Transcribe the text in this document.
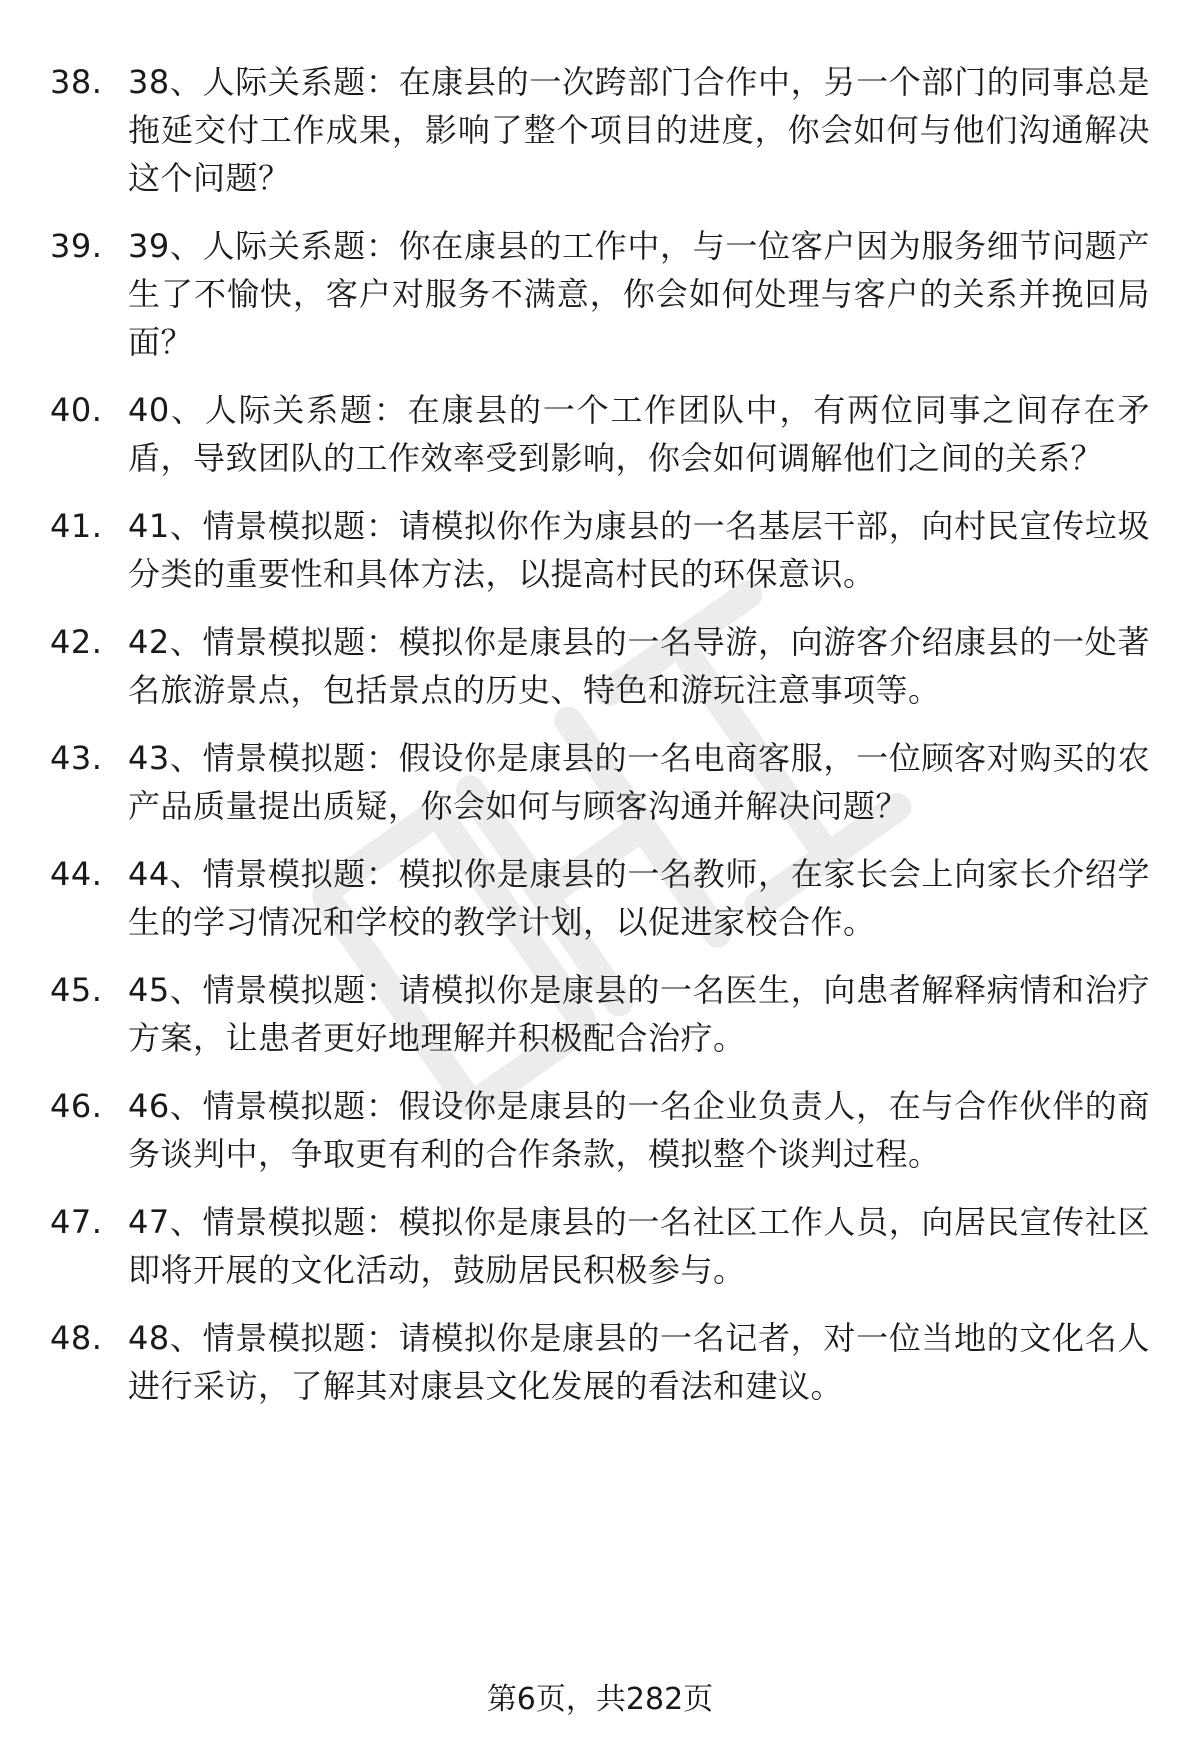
38. 38、人际关系题：在康县的一次跨部门合作中，另一个部门的同事总是拖延交付工作成果，影响了整个项目的进度，你会如何与他们沟通解决这个问题？
39. 39、人际关系题：你在康县的工作中，与一位客户因为服务细节问题产生了不愉快，客户对服务不满意，你会如何处理与客户的关系并挽回局面？
40. 40、人际关系题：在康县的一个工作团队中，有两位同事之间存在矛盾，导致团队的工作效率受到影响，你会如何调解他们之间的关系？
41. 41、情景模拟题：请模拟你作为康县的一名基层干部，向村民宣传垃圾分类的重要性和具体方法，以提高村民的环保意识。
42. 42、情景模拟题：模拟你是康县的一名导游，向游客介绍康县的一处著名旅游景点，包括景点的历史、特色和游玩注意事项等。
43. 43、情景模拟题：假设你是康县的一名电商客服，一位顾客对购买的农产品质量提出质疑，你会如何与顾客沟通并解决问题？
44. 44、情景模拟题：模拟你是康县的一名教师，在家长会上向家长介绍学生的学习情况和学校的教学计划，以促进家校合作。
45. 45、情景模拟题：请模拟你是康县的一名医生，向患者解释病情和治疗方案，让患者更好地理解并积极配合治疗。
46. 46、情景模拟题：假设你是康县的一名企业负责人，在与合作伙伴的商务谈判中，争取更有利的合作条款，模拟整个谈判过程。
47. 47、情景模拟题：模拟你是康县的一名社区工作人员，向居民宣传社区即将开展的文化活动，鼓励居民积极参与。
48. 48、情景模拟题：请模拟你是康县的一名记者，对一位当地的文化名人进行采访，了解其对康县文化发展的看法和建议。
第6页，共282页
